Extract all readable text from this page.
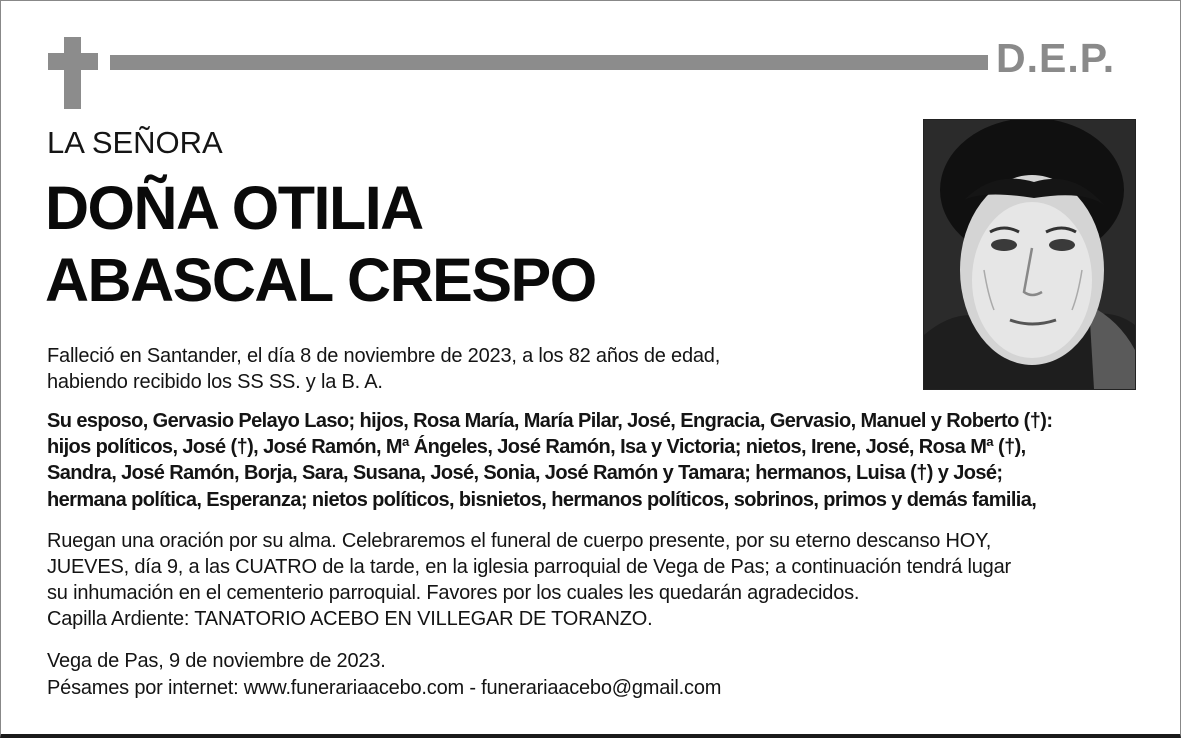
D.E.P.
LA SEÑORA
DOÑA OTILIA
ABASCAL CRESPO
Falleció en Santander, el día 8 de noviembre de 2023, a los 82 años de edad,
habiendo recibido los SS SS. y la B. A.
Su esposo, Gervasio Pelayo Laso; hijos, Rosa María, María Pilar, José, Engracia, Gervasio, Manuel y Roberto (†):
hijos políticos, José (†), José Ramón, Mª Ángeles, José Ramón, Isa y Victoria; nietos, Irene, José, Rosa Mª (†),
Sandra, José Ramón, Borja, Sara, Susana, José, Sonia, José Ramón y Tamara; hermanos, Luisa (†) y José;
hermana política, Esperanza; nietos políticos, bisnietos, hermanos políticos, sobrinos, primos y demás familia,
Ruegan una oración por su alma. Celebraremos el funeral de cuerpo presente, por su eterno descanso HOY,
JUEVES, día 9, a las CUATRO de la tarde, en la iglesia parroquial de Vega de Pas; a continuación tendrá lugar
su inhumación en el cementerio parroquial. Favores por los cuales les quedarán agradecidos.
Capilla Ardiente: TANATORIO ACEBO EN VILLEGAR DE TORANZO.
Vega de Pas, 9 de noviembre de 2023.
Pésames por internet: www.funerariaacebo.com - funerariaacebo@gmail.com
